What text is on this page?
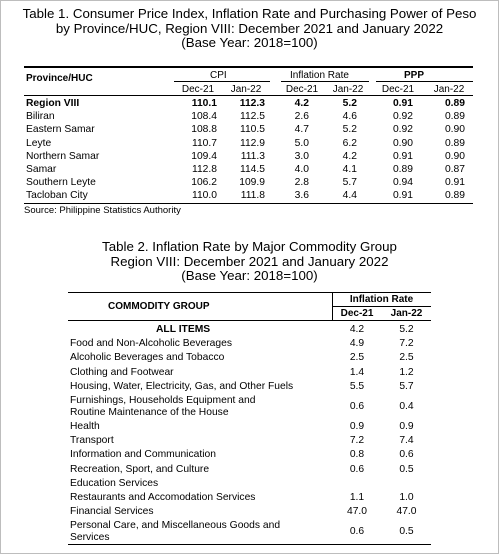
Table 1. Consumer Price Index, Inflation Rate and Purchasing Power of Peso
by Province/HUC, Region VIII: December 2021 and January 2022
(Base Year: 2018=100)
Province/HUC	CPI	Inflation Rate	PPP
Dec-21	Jan-22	Dec-21	Jan-22	Dec-21	Jan-22
Region VIII	110.1	112.3	4.2	5.2	0.91	0.89
Biliran	108.4	112.5	2.6	4.6	0.92	0.89
Eastern Samar	108.8	110.5	4.7	5.2	0.92	0.90
Leyte	110.7	112.9	5.0	6.2	0.90	0.89
Northern Samar	109.4	111.3	3.0	4.2	0.91	0.90
Samar	112.8	114.5	4.0	4.1	0.89	0.87
Southern Leyte	106.2	109.9	2.8	5.7	0.94	0.91
Tacloban City	110.0	111.8	3.6	4.4	0.91	0.89
Source: Philippine Statistics Authority
Table 2. Inflation Rate by Major Commodity Group
Region VIII: December 2021 and January 2022
(Base Year: 2018=100)
COMMODITY GROUP
Inflation Rate
Dec-21	Jan-22
ALL ITEMS	4.2	5.2
Food and Non-Alcoholic Beverages	4.9	7.2
Alcoholic Beverages and Tobacco	2.5	2.5
Clothing and Footwear	1.4	1.2
Housing, Water, Electricity, Gas, and Other Fuels	5.5	5.7
Furnishings, Households Equipment and
Routine Maintenance of the House
0.6	0.4
Health	0.9	0.9
Transport	7.2	7.4
Information and Communication	0.8	0.6
Recreation, Sport, and Culture	0.6	0.5
Education Services
Restaurants and Accomodation Services	1.1	1.0
Financial Services	47.0	47.0
Personal Care, and Miscellaneous Goods and
Services
0.6	0.5
